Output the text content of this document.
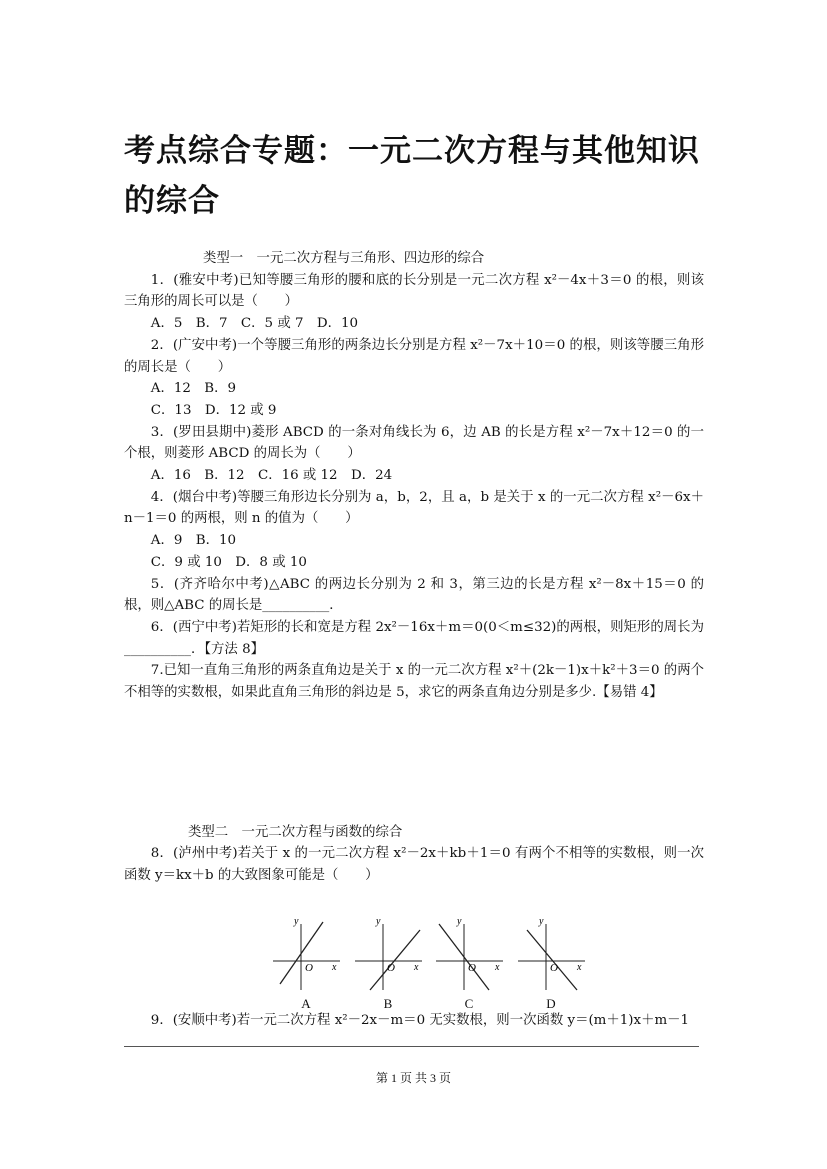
考点综合专题：一元二次方程与其他知识的综合

类型一　一元二次方程与三角形、四边形的综合

1．(雅安中考)已知等腰三角形的腰和底的长分别是一元二次方程 x²－4x＋3＝0 的根，则该三角形的周长可以是（　　）

A．5　B．7　C．5 或 7　D．10

2．(广安中考)一个等腰三角形的两条边长分别是方程 x²－7x＋10＝0 的根，则该等腰三角形的周长是（　　）

A．12　B．9

C．13　D．12 或 9

3．(罗田县期中)菱形 ABCD 的一条对角线长为 6，边 AB 的长是方程 x²－7x＋12＝0 的一个根，则菱形 ABCD 的周长为（　　）

A．16　B．12　C．16 或 12　D．24

4．(烟台中考)等腰三角形边长分别为 a，b，2，且 a，b 是关于 x 的一元二次方程 x²－6x＋n－1＝0 的两根，则 n 的值为（　　）

A．9　B．10

C．9 或 10　D．8 或 10

5．(齐齐哈尔中考)△ABC 的两边长分别为 2 和 3，第三边的长是方程 x²－8x＋15＝0 的根，则△ABC 的周长是__________．

6．(西宁中考)若矩形的长和宽是方程 2x²－16x＋m＝0(0＜m≤32)的两根，则矩形的周长为__________．【方法 8】

7.已知一直角三角形的两条直角边是关于 x 的一元二次方程 x²＋(2k－1)x＋k²＋3＝0 的两个不相等的实数根，如果此直角三角形的斜边是 5，求它的两条直角边分别是多少.【易错 4】

类型二　一元二次方程与函数的综合

8．(泸州中考)若关于 x 的一元二次方程 x²－2x＋kb＋1＝0 有两个不相等的实数根，则一次函数 y＝kx＋b 的大致图象可能是（　　）

y
x
O
y
x
O
y
x
O
y
x
O
A	B	C	D

9．(安顺中考)若一元二次方程 x²－2x－m＝0 无实数根，则一次函数 y＝(m＋1)x＋m－1

第 1 页 共 3 页
